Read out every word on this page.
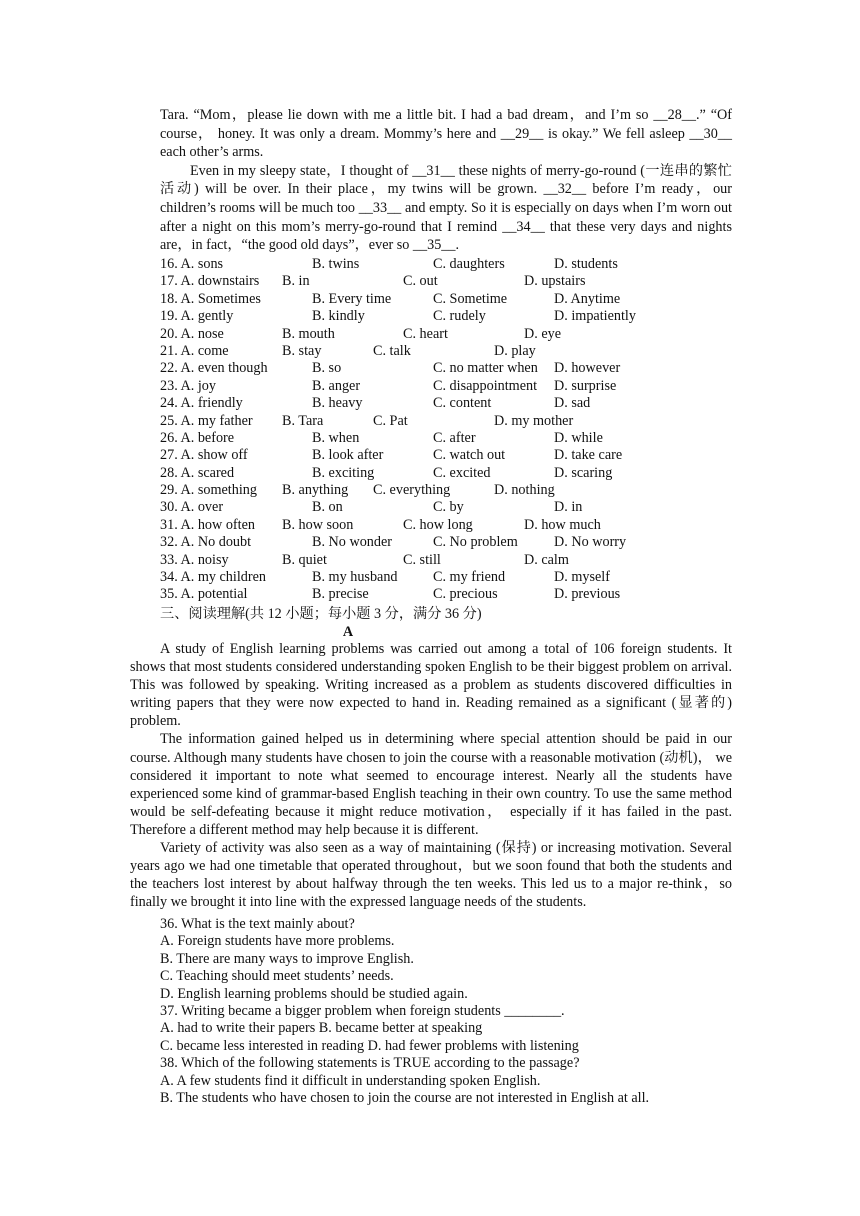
Tara. “Mom，please lie down with me a little bit. I had a bad dream，and I’m so __28__.” “Of course， honey. It was only a dream. Mommy’s here and __29__ is okay.” We fell asleep __30__ each other’s arms.

Even in my sleepy state，I thought of __31__ these nights of merry-go-round (一连串的繁忙活动) will be over. In their place，my twins will be grown. __32__ before I’m ready，our children’s rooms will be much too __33__ and empty. So it is especially on days when I’m worn out after a night on this mom’s merry-go-round that I remind __34__ that these very days and nights are，in fact，“the good old days”，ever so __35__.

16. A. sons	B. twins	C. daughters	D. students
17. A. downstairs B. in	C. out	D. upstairs
18. A. Sometimes	B. Every time	C. Sometime	D. Anytime
19. A. gently	B. kindly	C. rudely	D. impatiently
20. A. nose	B. mouth	C. heart	D. eye
21. A. come	B. stay	C. talk	D. play
22. A. even though	B. so	C. no matter when D. however
23. A. joy	B. anger	C. disappointment D. surprise
24. A. friendly	B. heavy	C. content	D. sad
25. A. my father B. Tara	C. Pat	D. my mother
26. A. before	B. when	C. after	D. while
27. A. show off	B. look after	C. watch out	D. take care
28. A. scared	B. exciting	C. excited	D. scaring
29. A. something B. anything C. everything	D. nothing
30. A. over	B. on	C. by	D. in
31. A. how often B. how soon	C. how long	D. how much
32. A. No doubt	B. No wonder	C. No problem	D. No worry
33. A. noisy	B. quiet	C. still	D. calm
34. A. my children	B. my husband C. my friend	D. myself
35. A. potential	B. precise	C. precious	D. previous
三、阅读理解(共 12 小题；每小题 3 分，满分 36 分)
A

A study of English learning problems was carried out among a total of 106 foreign students. It shows that most students considered understanding spoken English to be their biggest problem on arrival. This was followed by speaking. Writing increased as a problem as students discovered difficulties in writing papers that they were now expected to hand in. Reading remained as a significant (显著的) problem.

The information gained helped us in determining where special attention should be paid in our course. Although many students have chosen to join the course with a reasonable motivation (动机)， we considered it important to note what seemed to encourage interest. Nearly all the students have experienced some kind of grammar-based English teaching in their own country. To use the same method would be self-defeating because it might reduce motivation， especially if it has failed in the past. Therefore a different method may help because it is different.

Variety of activity was also seen as a way of maintaining (保持) or increasing motivation. Several years ago we had one timetable that operated throughout，but we soon found that both the students and the teachers lost interest by about halfway through the ten weeks. This led us to a major re-think，so finally we brought it into line with the expressed language needs of the students.

36. What is the text mainly about?

A. Foreign students have more problems.

B. There are many ways to improve English.

C. Teaching should meet students’ needs.

D. English learning problems should be studied again.

37. Writing became a bigger problem when foreign students ________.

A. had to write their papers B. became better at speaking

C. became less interested in reading D. had fewer problems with listening

38. Which of the following statements is TRUE according to the passage?

A. A few students find it difficult in understanding spoken English.

B. The students who have chosen to join the course are not interested in English at all.
